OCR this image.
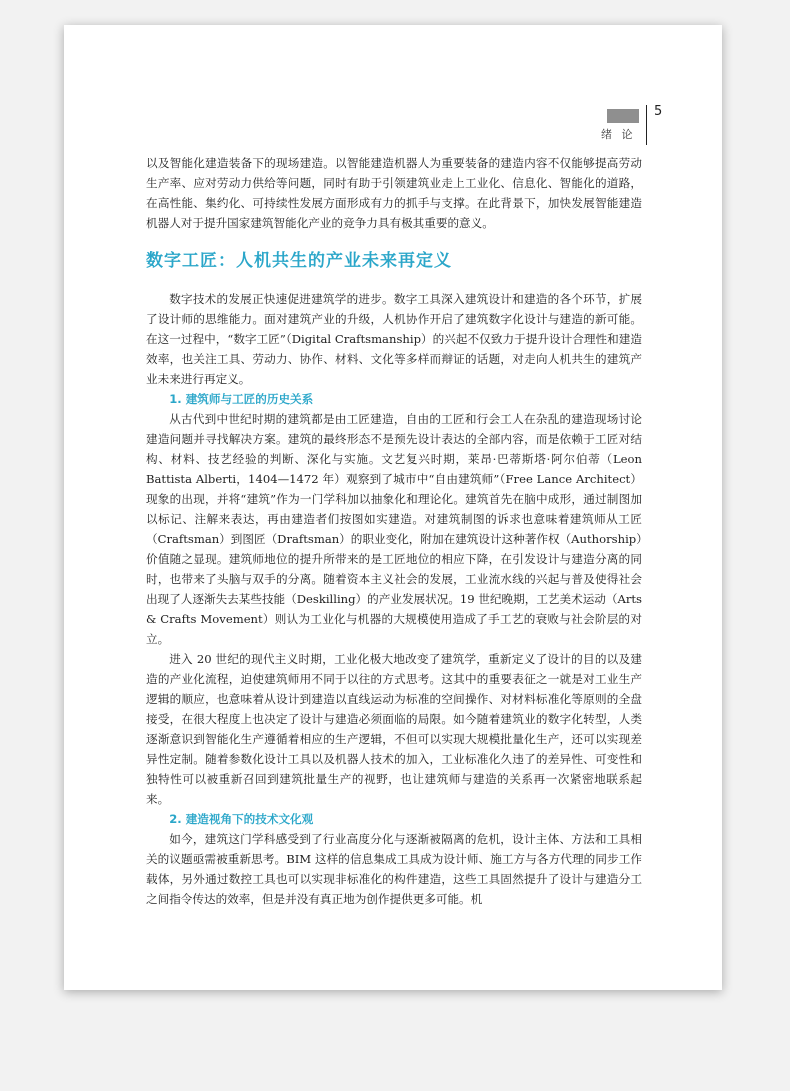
绪 论
5

以及智能化建造装备下的现场建造。以智能建造机器人为重要装备的建造内容不仅能够提高劳动生产率、应对劳动力供给等问题，同时有助于引领建筑业走上工业化、信息化、智能化的道路，在高性能、集约化、可持续性发展方面形成有力的抓手与支撑。在此背景下，加快发展智能建造机器人对于提升国家建筑智能化产业的竞争力具有极其重要的意义。

数字工匠：人机共生的产业未来再定义

数字技术的发展正快速促进建筑学的进步。数字工具深入建筑设计和建造的各个环节，扩展了设计师的思维能力。面对建筑产业的升级，人机协作开启了建筑数字化设计与建造的新可能。在这一过程中，“数字工匠”（Digital Craftsmanship）的兴起不仅致力于提升设计合理性和建造效率，也关注工具、劳动力、协作、材料、文化等多样而辩证的话题，对走向人机共生的建筑产业未来进行再定义。

1. 建筑师与工匠的历史关系

从古代到中世纪时期的建筑都是由工匠建造，自由的工匠和行会工人在杂乱的建造现场讨论建造问题并寻找解决方案。建筑的最终形态不是预先设计表达的全部内容，而是依赖于工匠对结构、材料、技艺经验的判断、深化与实施。文艺复兴时期，莱昂·巴蒂斯塔·阿尔伯蒂（Leon Battista Alberti，1404—1472 年）观察到了城市中“自由建筑师”（Free Lance Architect）现象的出现，并将“建筑”作为一门学科加以抽象化和理论化。建筑首先在脑中成形，通过制图加以标记、注解来表达，再由建造者们按图如实建造。对建筑制图的诉求也意味着建筑师从工匠（Craftsman）到图匠（Draftsman）的职业变化，附加在建筑设计这种著作权（Authorship）价值随之显现。建筑师地位的提升所带来的是工匠地位的相应下降，在引发设计与建造分离的同时，也带来了头脑与双手的分离。随着资本主义社会的发展，工业流水线的兴起与普及使得社会出现了人逐渐失去某些技能（Deskilling）的产业发展状况。19 世纪晚期，工艺美术运动（Arts & Crafts Movement）则认为工业化与机器的大规模使用造成了手工艺的衰败与社会阶层的对立。

进入 20 世纪的现代主义时期，工业化极大地改变了建筑学，重新定义了设计的目的以及建造的产业化流程，迫使建筑师用不同于以往的方式思考。这其中的重要表征之一就是对工业生产逻辑的顺应，也意味着从设计到建造以直线运动为标准的空间操作、对材料标准化等原则的全盘接受，在很大程度上也决定了设计与建造必须面临的局限。如今随着建筑业的数字化转型，人类逐渐意识到智能化生产遵循着相应的生产逻辑，不但可以实现大规模批量化生产，还可以实现差异性定制。随着参数化设计工具以及机器人技术的加入，工业标准化久违了的差异性、可变性和独特性可以被重新召回到建筑批量生产的视野，也让建筑师与建造的关系再一次紧密地联系起来。

2. 建造视角下的技术文化观

如今，建筑这门学科感受到了行业高度分化与逐渐被隔离的危机，设计主体、方法和工具相关的议题亟需被重新思考。BIM 这样的信息集成工具成为设计师、施工方与各方代理的同步工作载体，另外通过数控工具也可以实现非标准化的构件建造，这些工具固然提升了设计与建造分工之间指令传达的效率，但是并没有真正地为创作提供更多可能。机
